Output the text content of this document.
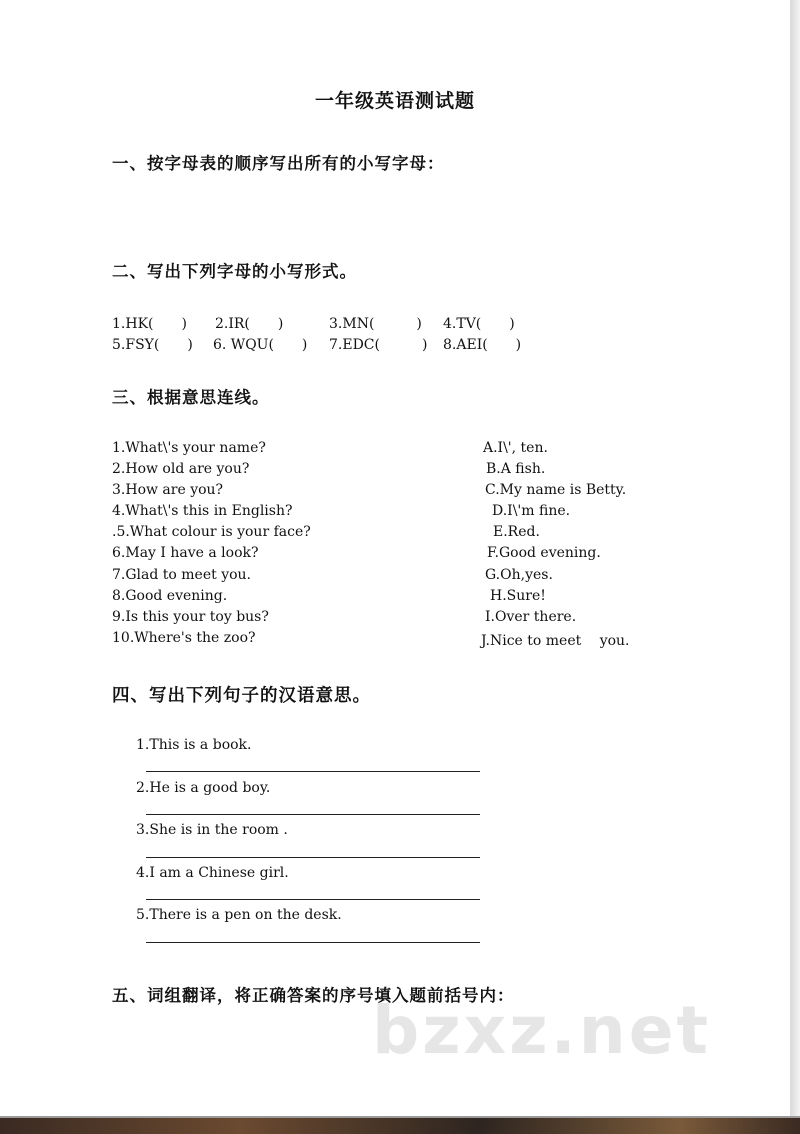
一年级英语测试题
一、按字母表的顺序写出所有的小写字母：
二、写出下列字母的小写形式。
1.HK(　　) 2.IR(　　)	3.MN(　　　) 4.TV(　　)
5.FSY(　　) 6. WQU(　　) 7.EDC(　　　) 8.AEI(　　)
三、根据意思连线。
1.What\'s your name?
2.How old are you?
3.How are you?
4.What\'s this in English?
.5.What colour is your face?
6.May I have a look?
7.Glad to meet you.
8.Good evening.
9.Is this your toy bus?
10.Where's the zoo?
A.I\', ten.
B.A fish.
C.My name is Betty.
D.I\'m fine.
E.Red.
F.Good evening.
G.Oh,yes.
H.Sure!
I.Over there.
J.Nice to meet 　you.
四、写出下列句子的汉语意思。
1.This is a book.
2.He is a good boy.
3.She is in the room .
4.I am a Chinese girl.
5.There is a pen on the desk.
五、词组翻译，将正确答案的序号填入题前括号内：
bzxz.net
